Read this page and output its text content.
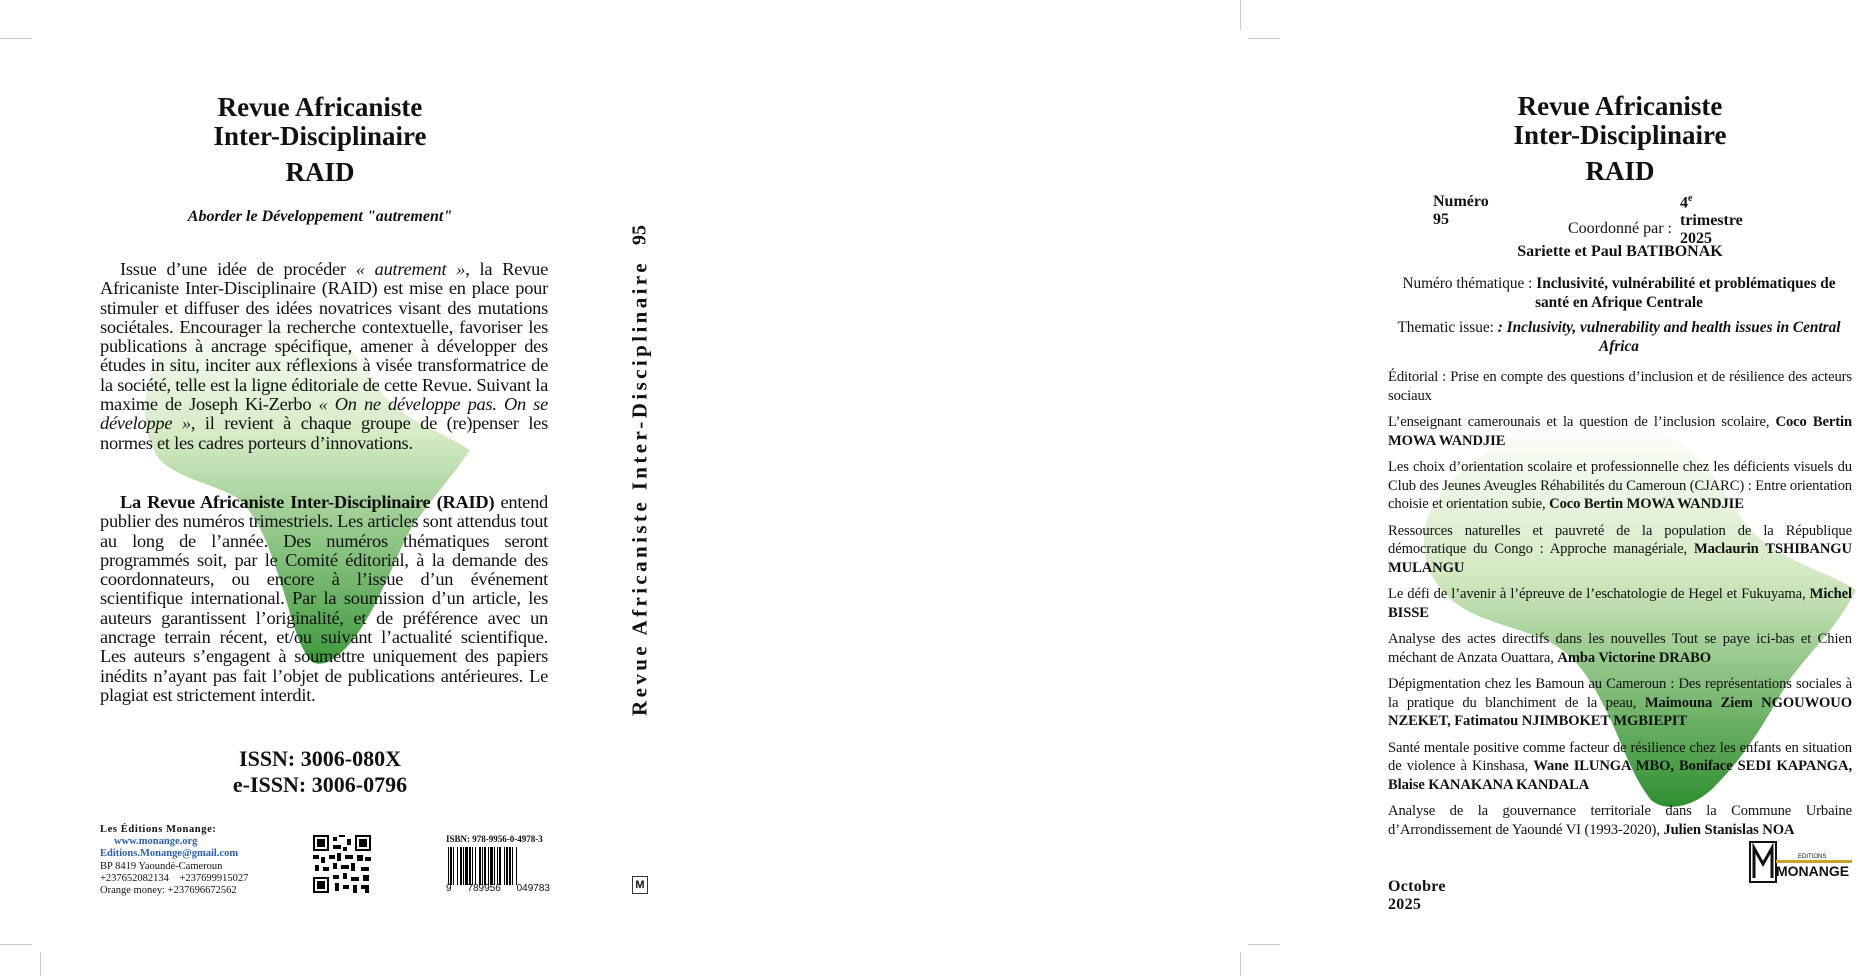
Revue Africaniste
Inter-Disciplinaire
RAID
Aborder le Développement "autrement"

Issue d’une idée de procéder « autrement », la Revue Africaniste Inter-Disciplinaire (RAID) est mise en place pour stimuler et diffuser des idées novatrices visant des mutations sociétales. Encourager la recherche contextuelle, favoriser les publications à ancrage spécifique, amener à développer des études in situ, inciter aux réflexions à visée transformatrice de la société, telle est la ligne éditoriale de cette Revue. Suivant la maxime de Joseph Ki-Zerbo « On ne développe pas. On se développe », il revient à chaque groupe de (re)penser les normes et les cadres porteurs d’innovations.

La Revue Africaniste Inter-Disciplinaire (RAID) entend publier des numéros trimestriels. Les articles sont attendus tout au long de l’année. Des numéros thématiques seront programmés soit, par le Comité éditorial, à la demande des coordonnateurs, ou encore à l’issue d’un événement scientifique international. Par la soumission d’un article, les auteurs garantissent l’originalité, et de préférence avec un ancrage terrain récent, et/ou suivant l’actualité scientifique. Les auteurs s’engagent à soumettre uniquement des papiers inédits n’ayant pas fait l’objet de publications antérieures. Le plagiat est strictement interdit.

ISSN: 3006-080X
e-ISSN: 3006-0796
Les Éditions Monange:
www.monange.org
Editions.Monange@gmail.com
BP 8419 Yaoundé-Cameroun
+237652082134 +237699915027
Orange money: +237696672562
ISBN: 978-9956-0-4978-3
9 789956 049783
95
Revue Africaniste Inter-Disciplinaire
M
Revue Africaniste
Inter-Disciplinaire
RAID
Numéro 95
4e trimestre 2025
Coordonné par :
Sariette et Paul BATIBONAK
Numéro thématique : Inclusivité, vulnérabilité et problématiques de santé en Afrique Centrale
Thematic issue: : Inclusivity, vulnerability and health issues in Central Africa
Éditorial : Prise en compte des questions d’inclusion et de résilience des acteurs sociaux
L’enseignant camerounais et la question de l’inclusion scolaire, Coco Bertin MOWA WANDJIE
Les choix d’orientation scolaire et professionnelle chez les déficients visuels du Club des Jeunes Aveugles Réhabilités du Cameroun (CJARC) : Entre orientation choisie et orientation subie, Coco Bertin MOWA WANDJIE
Ressources naturelles et pauvreté de la population de la République démocratique du Congo : Approche managériale, Maclaurin TSHIBANGU MULANGU
Le défi de l’avenir à l’épreuve de l’eschatologie de Hegel et Fukuyama, Michel BISSE
Analyse des actes directifs dans les nouvelles Tout se paye ici-bas et Chien méchant de Anzata Ouattara, Amba Victorine DRABO
Dépigmentation chez les Bamoun au Cameroun : Des représentations sociales à la pratique du blanchiment de la peau, Maimouna Ziem NGOUWOUO NZEKET, Fatimatou NJIMBOKET MGBIEPIT
Santé mentale positive comme facteur de résilience chez les enfants en situation de violence à Kinshasa, Wane ILUNGA MBO, Boniface SEDI KAPANGA, Blaise KANAKANA KANDALA
Analyse de la gouvernance territoriale dans la Commune Urbaine d’Arrondissement de Yaoundé VI (1993-2020), Julien Stanislas NOA
Octobre 2025
EDITIONS
MONANGE
